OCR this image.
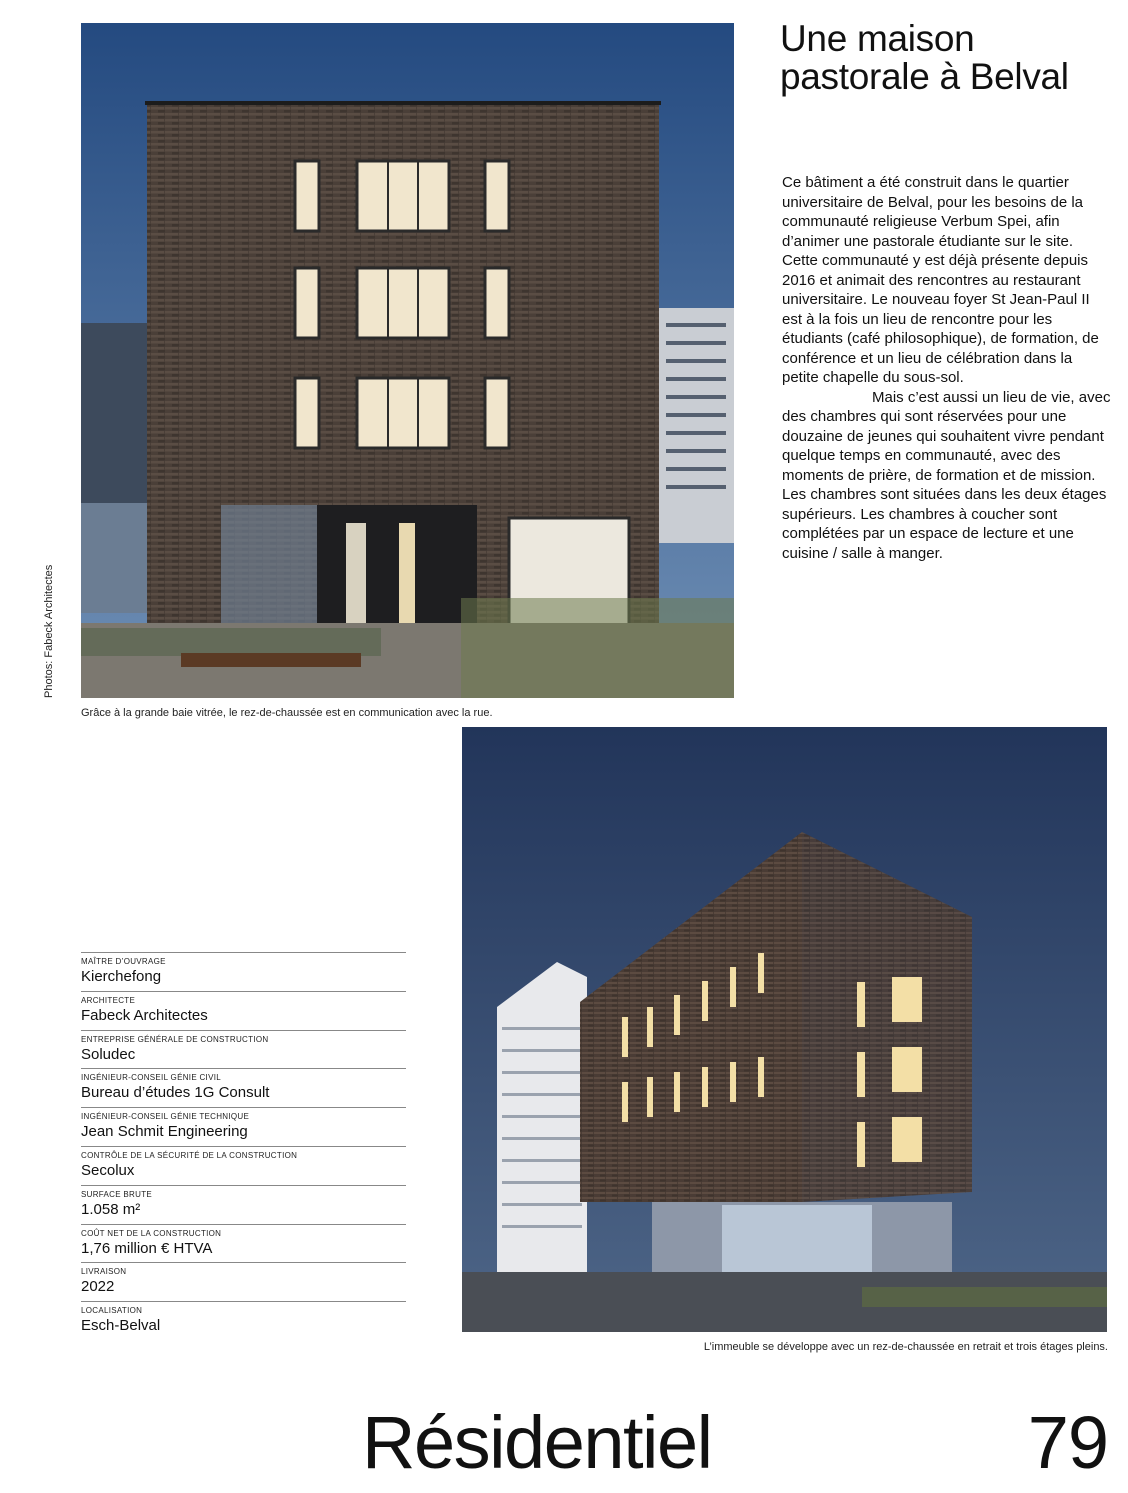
Photos: Fabeck Architectes
Grâce à la grande baie vitrée, le rez-de-chaussée est en communication avec la rue.
Une maison pastorale à Belval

Ce bâtiment a été construit dans le quartier universitaire de Belval, pour les besoins de la communauté religieuse Verbum Spei, afin d’animer une pastorale étudiante sur le site. Cette communauté y est déjà présente depuis 2016 et animait des rencontres au restaurant universitaire. Le nouveau foyer St Jean-Paul II est à la fois un lieu de rencontre pour les étudiants (café philosophique), de formation, de conférence et un lieu de célébration dans la petite chapelle du sous-sol.

Mais c’est aussi un lieu de vie, avec des chambres qui sont réservées pour une douzaine de jeunes qui souhaitent vivre pendant quelque temps en communauté, avec des moments de prière, de formation et de mission. Les chambres sont situées dans les deux étages supérieurs. Les chambres à coucher sont complétées par un espace de lecture et une cuisine / salle à manger.

L’immeuble se développe avec un rez-de-chaussée en retrait et trois étages pleins.
MAÎTRE D’OUVRAGE
Kierchefong
ARCHITECTE
Fabeck Architectes
ENTREPRISE GÉNÉRALE DE CONSTRUCTION
Soludec
INGÉNIEUR-CONSEIL GÉNIE CIVIL
Bureau d’études 1G Consult
INGÉNIEUR-CONSEIL GÉNIE TECHNIQUE
Jean Schmit Engineering
CONTRÔLE DE LA SÉCURITÉ DE LA CONSTRUCTION
Secolux
SURFACE BRUTE
1.058 m²
COÛT NET DE LA CONSTRUCTION
1,76 million € HTVA
LIVRAISON
2022
LOCALISATION
Esch-Belval
Résidentiel	79
